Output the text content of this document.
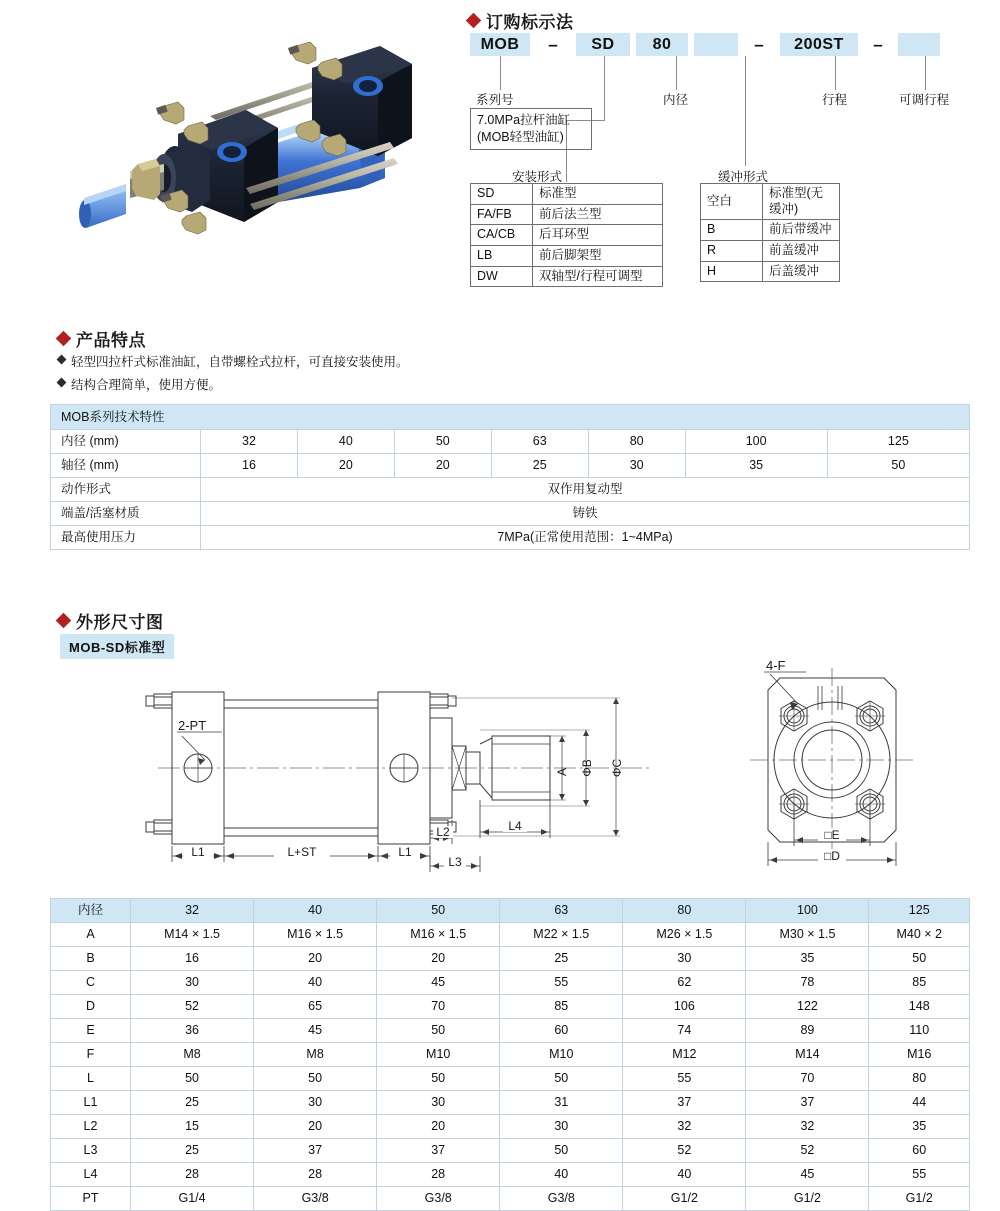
订购标示法
MOB	–	SD	80	–	200ST	–
系列号	内径	行程	可调行程
7.0MPa拉杆油缸
(MOB轻型油缸)
安装形式
SD	标准型
FA/FB	前后法兰型
CA/CB	后耳环型
LB	前后脚架型
DW	双轴型/行程可调型
缓冲形式
空白	标准型(无缓冲)
B	前后带缓冲
R	前盖缓冲
H	后盖缓冲
产品特点
轻型四拉杆式标准油缸，自带螺栓式拉杆，可直接安装使用。
结构合理简单，使用方便。
MOB系列技术特性							
内径 (mm)	32	40	50	63	80	100	125
轴径 (mm)	16	20	20	25	30	35	50
动作形式	双作用复动型						
端盖/活塞材质	铸铁						
最高使用压力	7MPa(正常使用范围：1~4MPa)						
外形尺寸图
MOB-SD标准型
2-PT
A ΦB ΦC
L1	L+ST	L1
L2
L3
L4
4-F
□E
□D
内径	32	40	50	63	80	100	125
A	M14 × 1.5	M16 × 1.5	M16 × 1.5	M22 × 1.5	M26 × 1.5	M30 × 1.5	M40 × 2
B	16	20	20	25	30	35	50
C	30	40	45	55	62	78	85
D	52	65	70	85	106	122	148
E	36	45	50	60	74	89	110
F	M8	M8	M10	M10	M12	M14	M16
L	50	50	50	50	55	70	80
L1	25	30	30	31	37	37	44
L2	15	20	20	30	32	32	35
L3	25	37	37	50	52	52	60
L4	28	28	28	40	40	45	55
PT	G1/4	G3/8	G3/8	G3/8	G1/2	G1/2	G1/2
